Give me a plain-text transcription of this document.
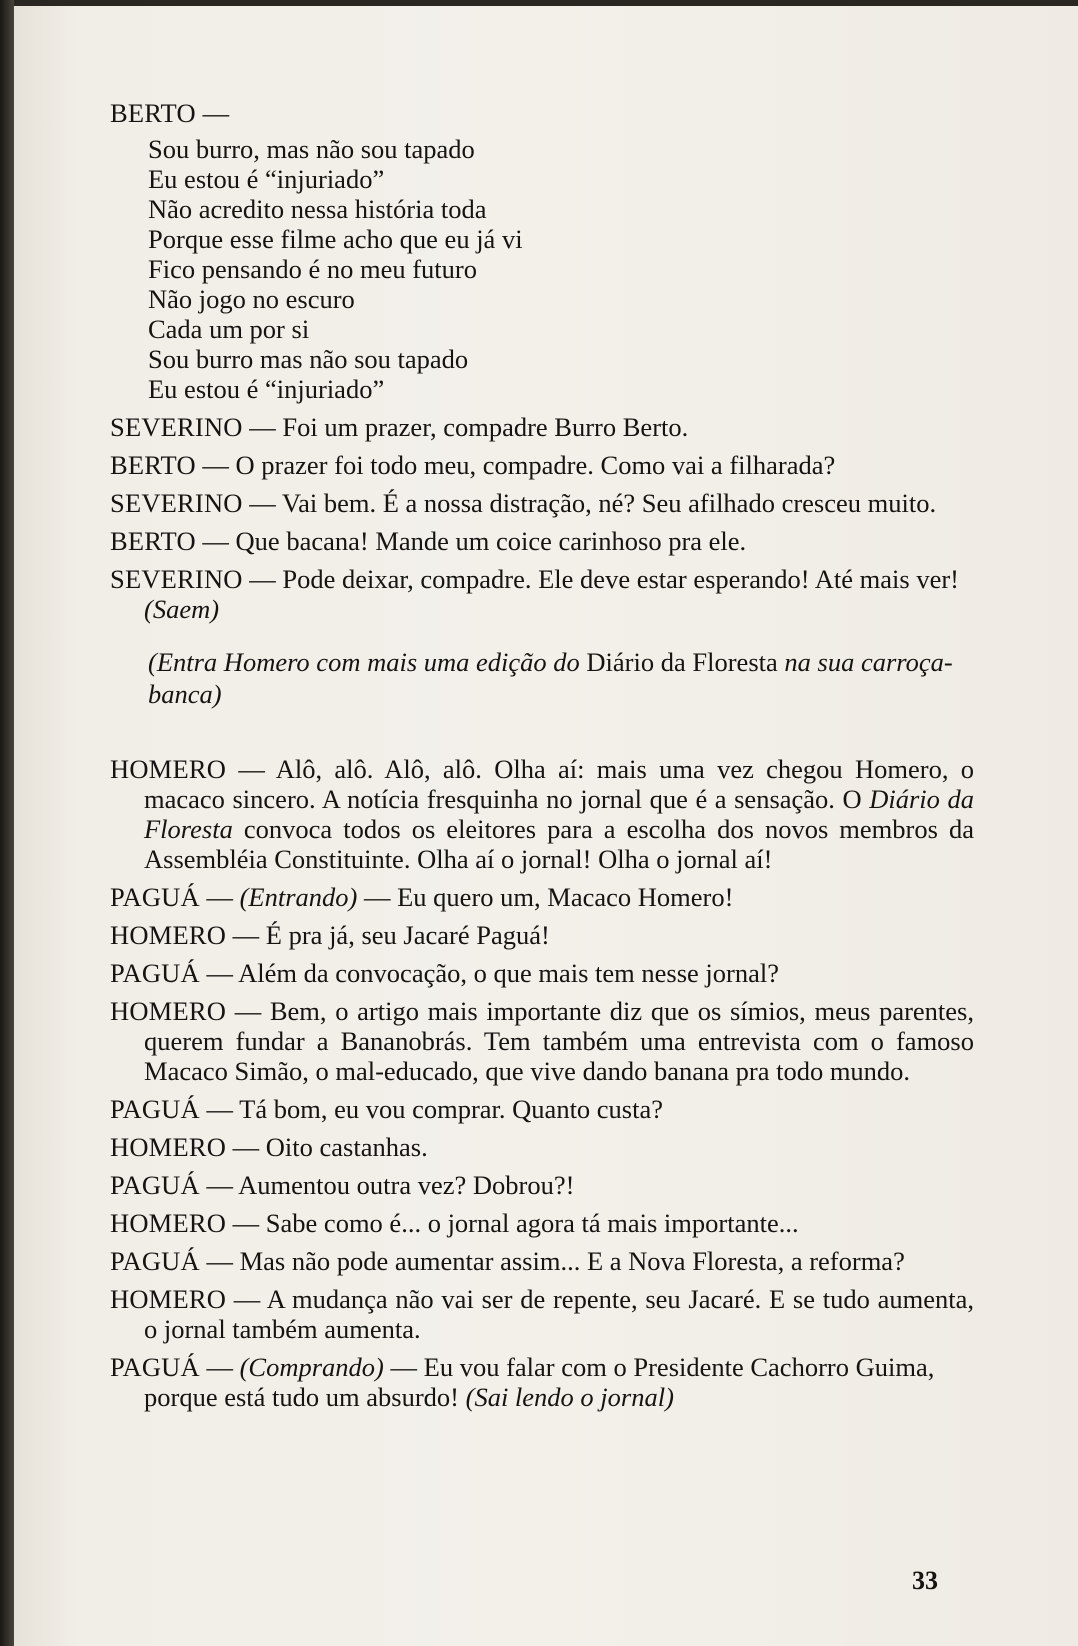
BERTO —
Sou burro, mas não sou tapado
Eu estou é “injuriado”
Não acredito nessa história toda
Porque esse filme acho que eu já vi
Fico pensando é no meu futuro
Não jogo no escuro
Cada um por si
Sou burro mas não sou tapado
Eu estou é “injuriado”

SEVERINO — Foi um prazer, compadre Burro Berto.

BERTO — O prazer foi todo meu, compadre. Como vai a filharada?

SEVERINO — Vai bem. É a nossa distração, né? Seu afilhado cresceu muito.

BERTO — Que bacana! Mande um coice carinhoso pra ele.

SEVERINO — Pode deixar, compadre. Ele deve estar esperando! Até mais ver! (Saem)

(Entra Homero com mais uma edição do Diário da Floresta na sua carroça-banca)

HOMERO — Alô, alô. Alô, alô. Olha aí: mais uma vez chegou Homero, o macaco sincero. A notícia fresquinha no jornal que é a sensação. O Diário da Floresta convoca todos os eleitores para a escolha dos novos membros da Assembléia Constituinte. Olha aí o jornal! Olha o jornal aí!

PAGUÁ — (Entrando) — Eu quero um, Macaco Homero!

HOMERO — É pra já, seu Jacaré Paguá!

PAGUÁ — Além da convocação, o que mais tem nesse jornal?

HOMERO — Bem, o artigo mais importante diz que os símios, meus parentes, querem fundar a Bananobrás. Tem também uma entrevista com o famoso Macaco Simão, o mal-educado, que vive dando banana pra todo mundo.

PAGUÁ — Tá bom, eu vou comprar. Quanto custa?

HOMERO — Oito castanhas.

PAGUÁ — Aumentou outra vez? Dobrou?!

HOMERO — Sabe como é... o jornal agora tá mais importante...

PAGUÁ — Mas não pode aumentar assim... E a Nova Floresta, a reforma?

HOMERO — A mudança não vai ser de repente, seu Jacaré. E se tudo aumenta, o jornal também aumenta.

PAGUÁ — (Comprando) — Eu vou falar com o Presidente Cachorro Guima, porque está tudo um absurdo! (Sai lendo o jornal)

33
